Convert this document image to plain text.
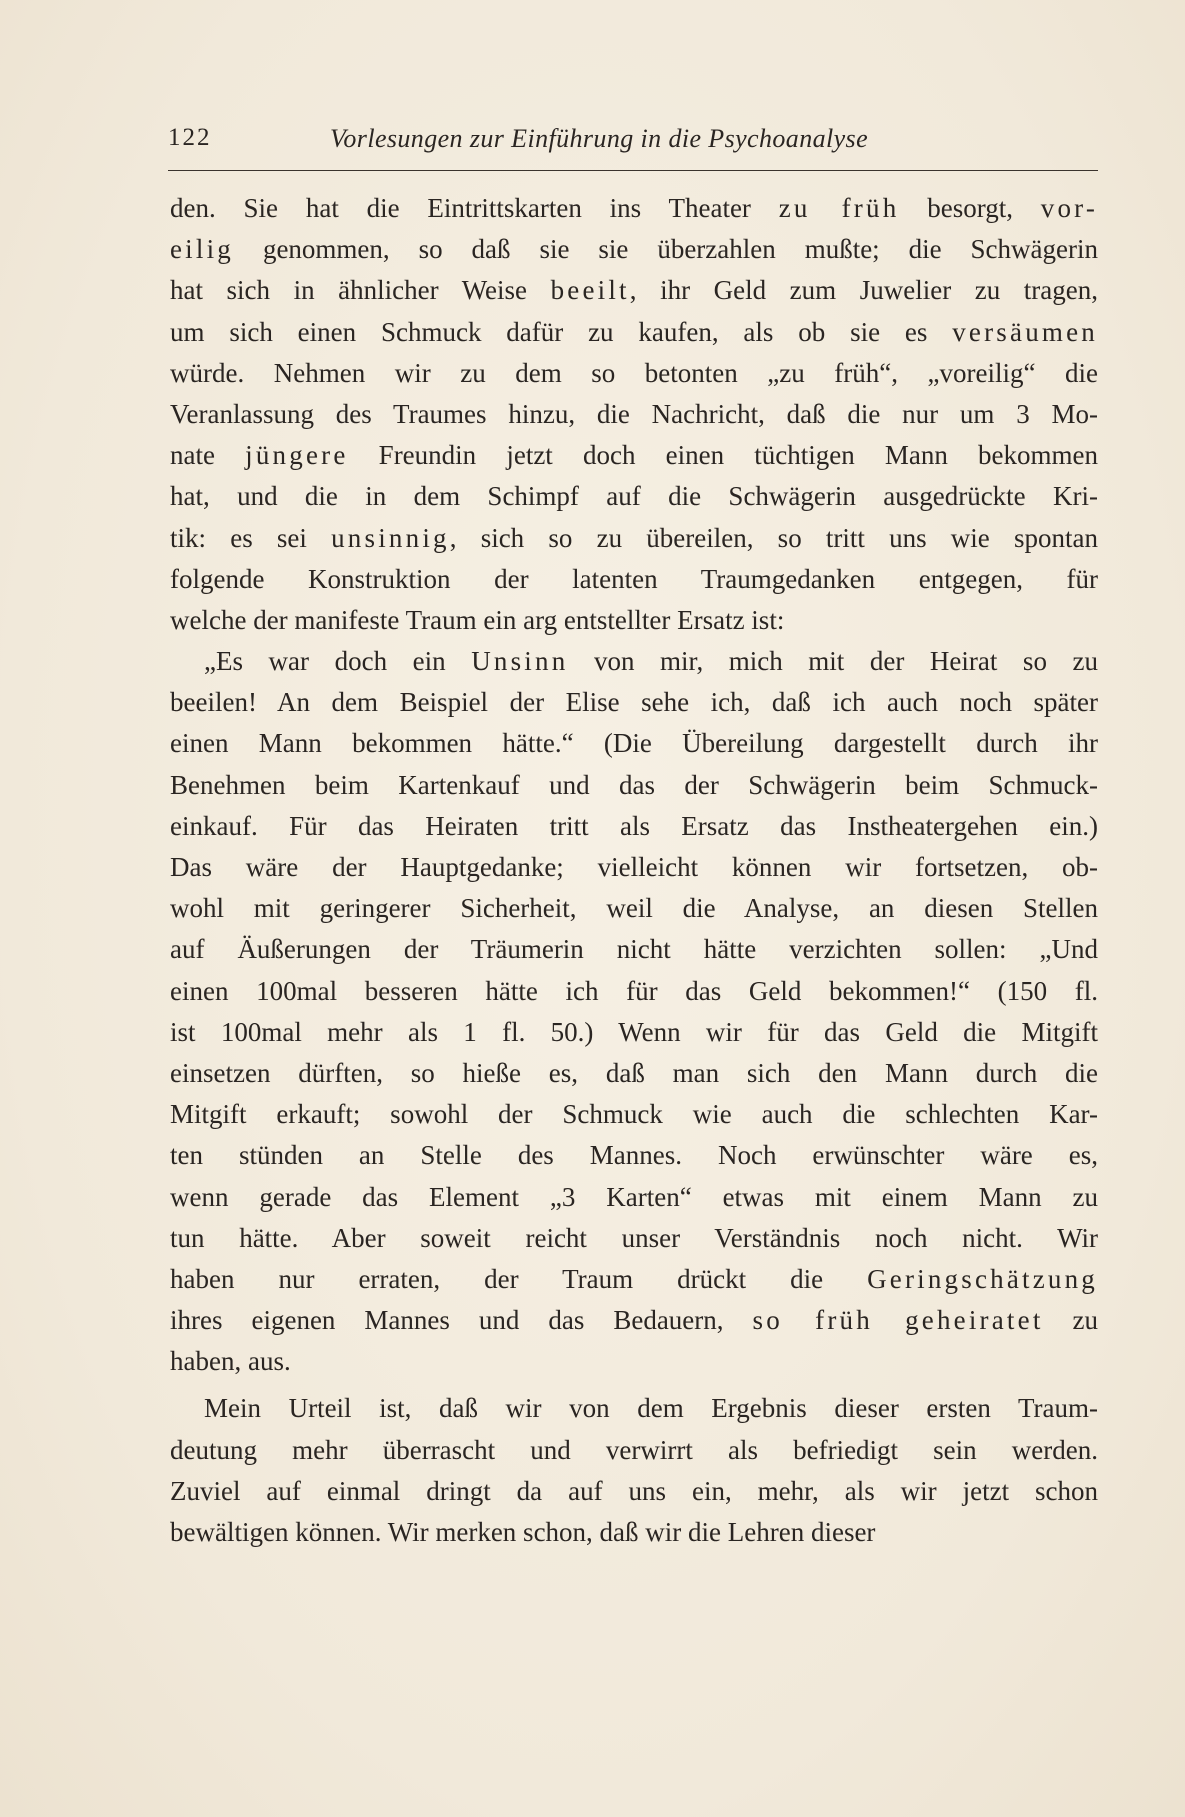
122	Vorlesungen zur Einführung in die Psychoanalyse
den. Sie hat die Eintrittskarten ins Theater zu früh besorgt, vor-
eilig genommen, so daß sie sie überzahlen mußte; die Schwägerin
hat sich in ähnlicher Weise beeilt, ihr Geld zum Juwelier zu tragen,
um sich einen Schmuck dafür zu kaufen, als ob sie es versäumen
würde. Nehmen wir zu dem so betonten „zu früh“, „voreilig“ die
Veranlassung des Traumes hinzu, die Nachricht, daß die nur um 3 Mo-
nate jüngere Freundin jetzt doch einen tüchtigen Mann bekommen
hat, und die in dem Schimpf auf die Schwägerin ausgedrückte Kri-
tik: es sei unsinnig, sich so zu übereilen, so tritt uns wie spontan
folgende Konstruktion der latenten Traumgedanken entgegen, für
welche der manifeste Traum ein arg entstellter Ersatz ist:
„Es war doch ein Unsinn von mir, mich mit der Heirat so zu
beeilen! An dem Beispiel der Elise sehe ich, daß ich auch noch später
einen Mann bekommen hätte.“ (Die Übereilung dargestellt durch ihr
Benehmen beim Kartenkauf und das der Schwägerin beim Schmuck-
einkauf. Für das Heiraten tritt als Ersatz das Instheatergehen ein.)
Das wäre der Hauptgedanke; vielleicht können wir fortsetzen, ob-
wohl mit geringerer Sicherheit, weil die Analyse, an diesen Stellen
auf Äußerungen der Träumerin nicht hätte verzichten sollen: „Und
einen 100mal besseren hätte ich für das Geld bekommen!“ (150 fl.
ist 100mal mehr als 1 fl. 50.) Wenn wir für das Geld die Mitgift
einsetzen dürften, so hieße es, daß man sich den Mann durch die
Mitgift erkauft; sowohl der Schmuck wie auch die schlechten Kar-
ten stünden an Stelle des Mannes. Noch erwünschter wäre es,
wenn gerade das Element „3 Karten“ etwas mit einem Mann zu
tun hätte. Aber soweit reicht unser Verständnis noch nicht. Wir
haben nur erraten, der Traum drückt die Geringschätzung
ihres eigenen Mannes und das Bedauern, so früh geheiratet zu
haben, aus.
Mein Urteil ist, daß wir von dem Ergebnis dieser ersten Traum-
deutung mehr überrascht und verwirrt als befriedigt sein werden.
Zuviel auf einmal dringt da auf uns ein, mehr, als wir jetzt schon
bewältigen können. Wir merken schon, daß wir die Lehren dieser
